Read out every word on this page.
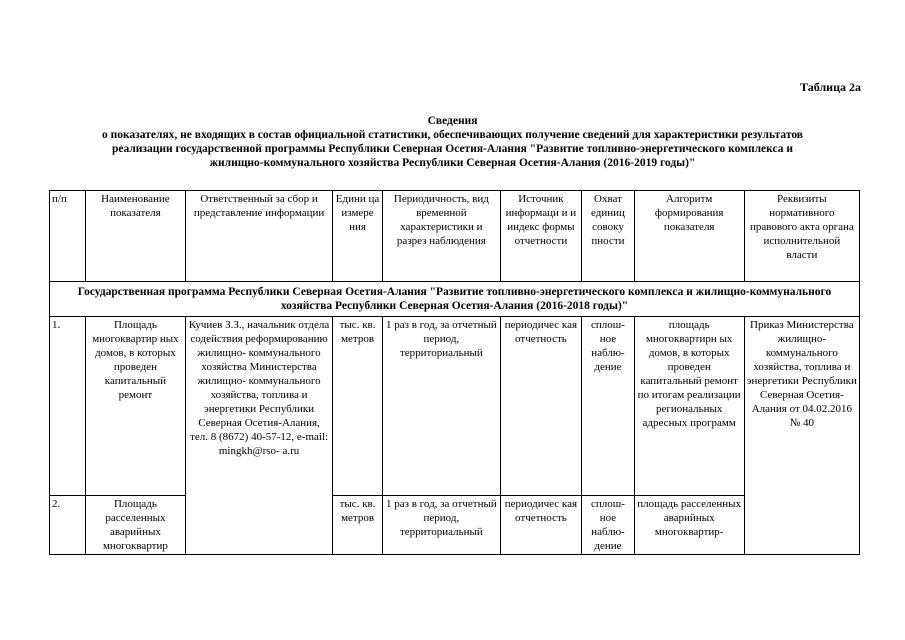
Таблица 2а
Сведения
о показателях, не входящих в состав официальной статистики, обеспечивающих получение сведений для характеристики результатов
реализации государственной программы Республики Северная Осетия-Алания "Развитие топливно-энергетического комплекса и
жилищно-коммунального хозяйства Республики Северная Осетия-Алания (2016-2019 годы)"
п/п	Наименование показателя	Ответственный за сбор и представление информации	Едини ца измере ния	Периодичность, вид временной характеристики и разрез наблюдения	Источник информаци и и индекс формы отчетности	Охват единиц совоку пности	Алгоритм формирования показателя	Реквизиты нормативного правового акта органа исполнительной власти
Государственная программа Республики Северная Осетия-Алания "Развитие топливно-энергетического комплекса и жилищно-коммунального хозяйства Республики Северная Осетия-Алания (2016-2018 годы)"								
1.	Площадь многоквартир ных домов, в которых проведен капитальный ремонт	Кучиев З.З., начальник отдела содействия реформированию жилищно- коммунального хозяйства Министерства жилищно- коммунального хозяйства, топлива и энергетики Республики Северная Осетия-Алания, тел. 8 (8672) 40-57-12, e-mail: mingkh@rso- a.ru	тыс. кв. метров	1 раз в год, за отчетный период, территориальный	периодичес кая отчетность	сплош- ное наблю- дение	площадь многоквартирн ых домов, в которых проведен капитальный ремонт по итогам реализации региональных адресных программ	Приказ Министерства жилищно- коммунального хозяйства, топлива и энергетики Республики Северная Осетия- Алания от 04.02.2016 № 40
2.	Площадь расселенных аварийных многоквартир		тыс. кв. метров	1 раз в год, за отчетный период, территориальный	периодичес кая отчетность	сплош- ное наблю- дение	площадь расселенных аварийных многоквартир-	
